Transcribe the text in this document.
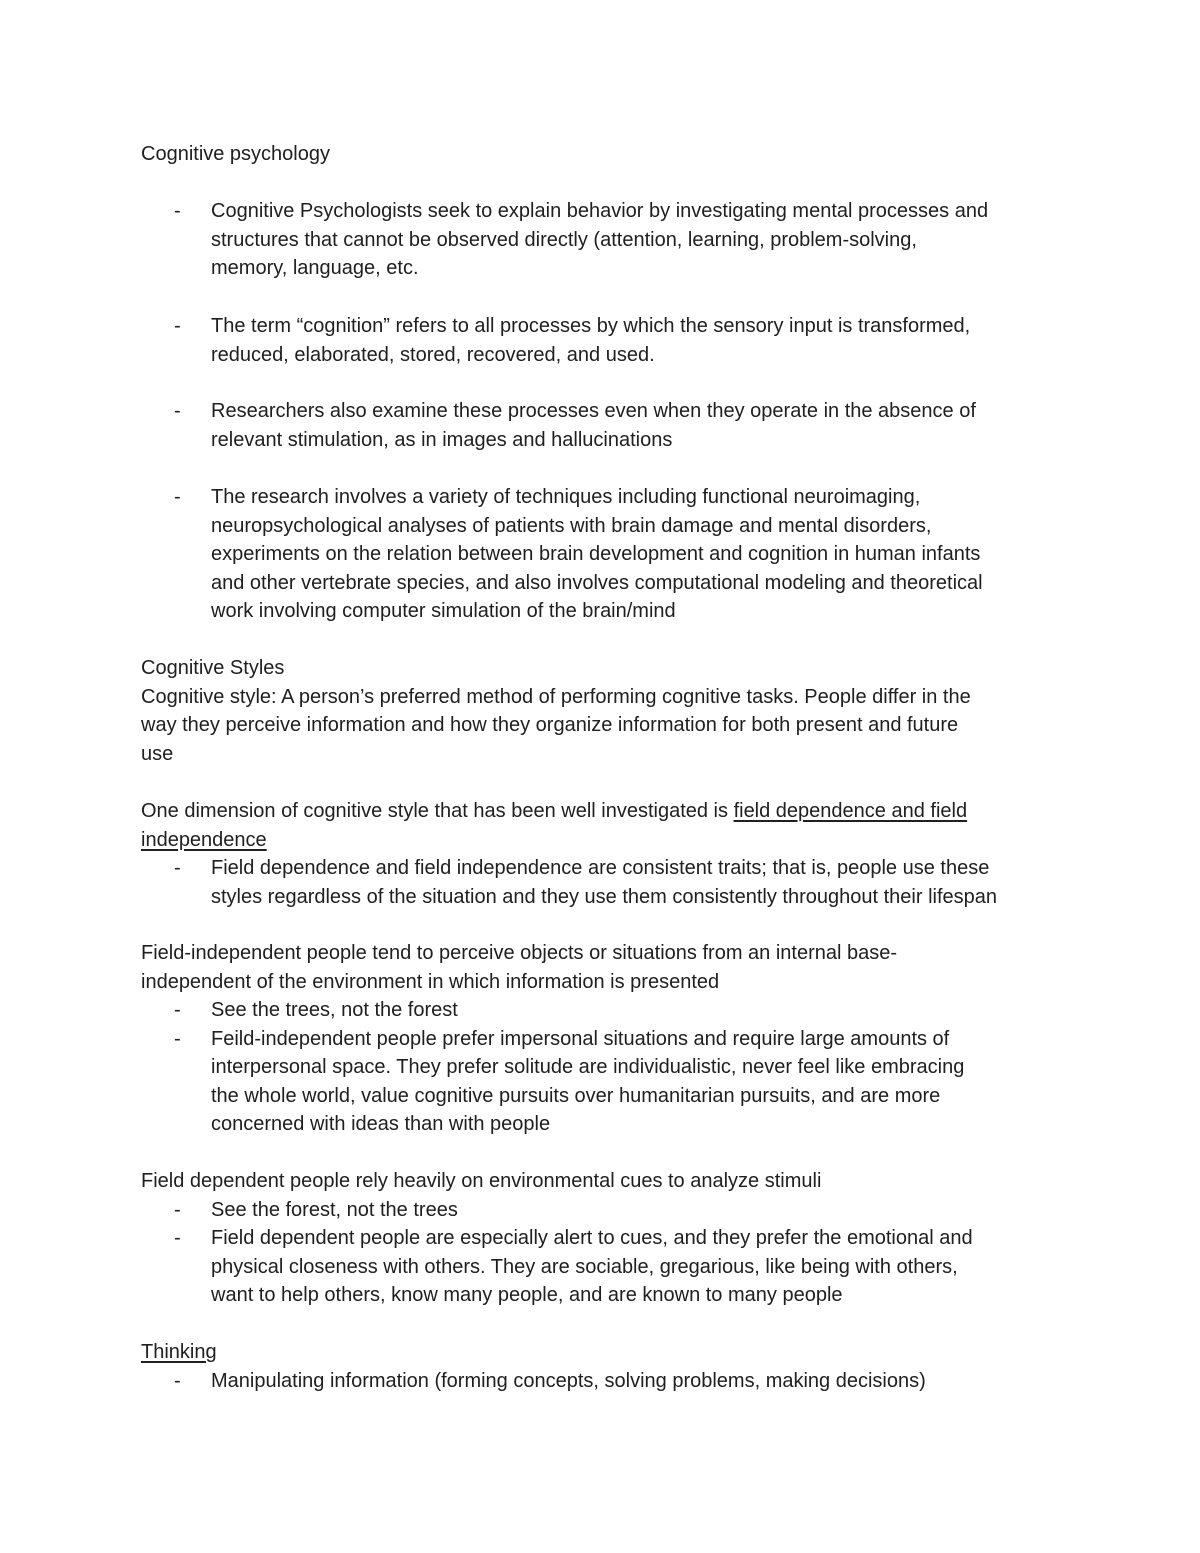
Cognitive psychology

- Cognitive Psychologists seek to explain behavior by investigating mental processes and

structures that cannot be observed directly (attention, learning, problem-solving,

memory, language, etc.

- The term “cognition” refers to all processes by which the sensory input is transformed,

reduced, elaborated, stored, recovered, and used.

- Researchers also examine these processes even when they operate in the absence of

relevant stimulation, as in images and hallucinations

- The research involves a variety of techniques including functional neuroimaging,

neuropsychological analyses of patients with brain damage and mental disorders,

experiments on the relation between brain development and cognition in human infants

and other vertebrate species, and also involves computational modeling and theoretical

work involving computer simulation of the brain/mind

Cognitive Styles

Cognitive style: A person’s preferred method of performing cognitive tasks. People differ in the

way they perceive information and how they organize information for both present and future

use

One dimension of cognitive style that has been well investigated is field dependence and field

independence

- Field dependence and field independence are consistent traits; that is, people use these

styles regardless of the situation and they use them consistently throughout their lifespan

Field-independent people tend to perceive objects or situations from an internal base-

independent of the environment in which information is presented

- See the trees, not the forest

- Feild-independent people prefer impersonal situations and require large amounts of

interpersonal space. They prefer solitude are individualistic, never feel like embracing

the whole world, value cognitive pursuits over humanitarian pursuits, and are more

concerned with ideas than with people

Field dependent people rely heavily on environmental cues to analyze stimuli

- See the forest, not the trees

- Field dependent people are especially alert to cues, and they prefer the emotional and

physical closeness with others. They are sociable, gregarious, like being with others,

want to help others, know many people, and are known to many people

Thinking

- Manipulating information (forming concepts, solving problems, making decisions)
